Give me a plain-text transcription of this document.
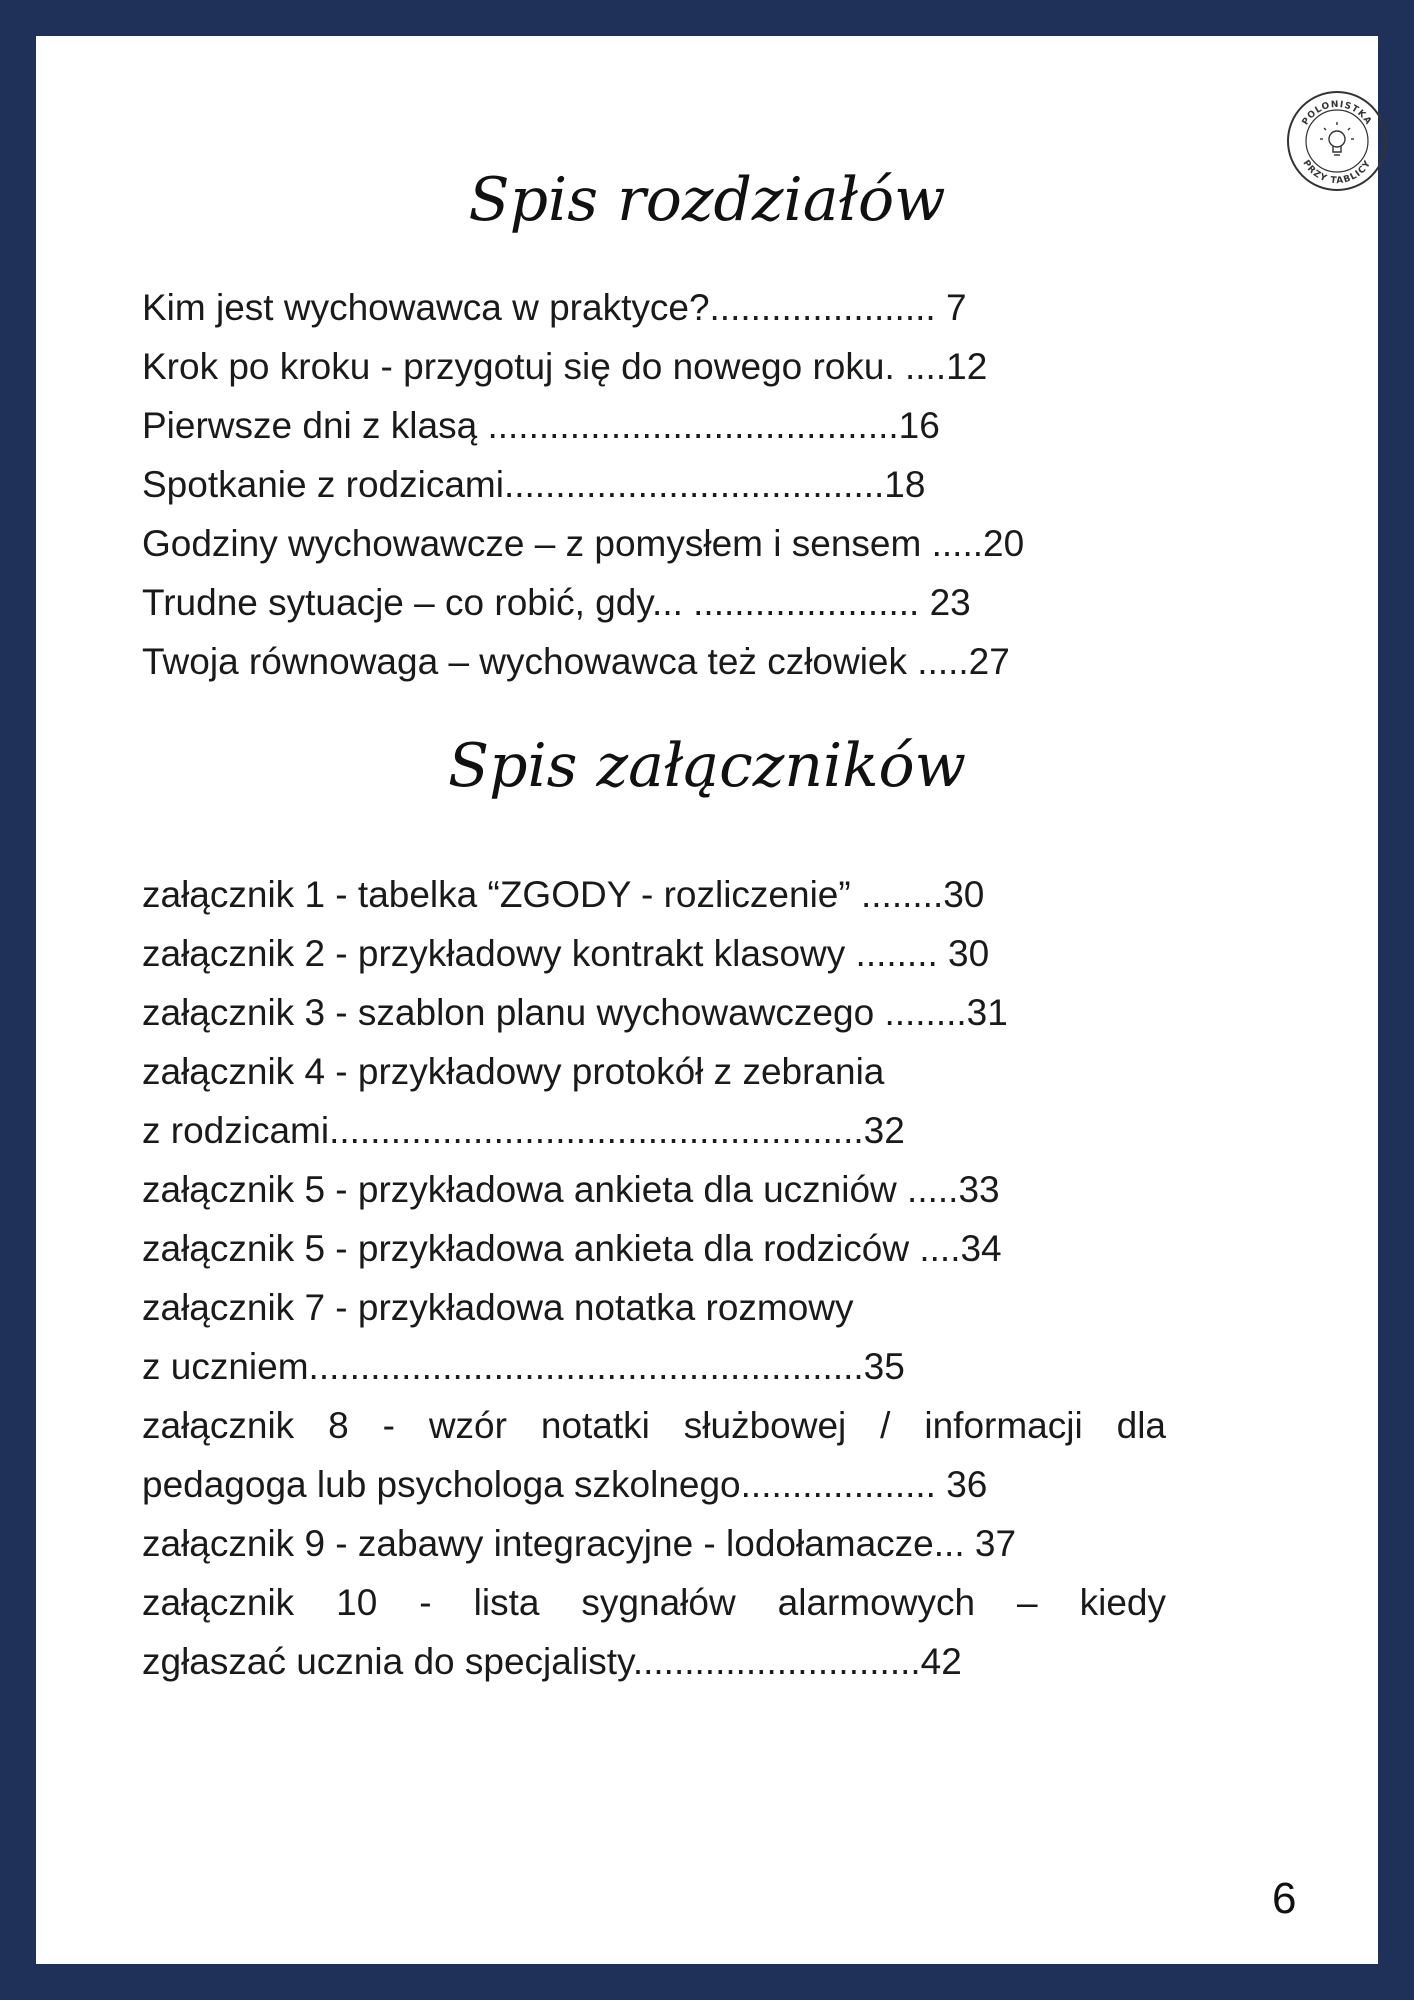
POLONISTKA
PRZY TABLICY
Spis rozdziałów
Kim jest wychowawca w praktyce?...................... 7
Krok po kroku - przygotuj się do nowego roku. ....12
Pierwsze dni z klasą ........................................16
Spotkanie z rodzicami.....................................18
Godziny wychowawcze – z pomysłem i sensem .....20
Trudne sytuacje – co robić, gdy... ...................... 23
Twoja równowaga – wychowawca też człowiek .....27
Spis załączników
załącznik 1 - tabelka “ZGODY - rozliczenie” ........30
załącznik 2 - przykładowy kontrakt klasowy ........ 30
załącznik 3 - szablon planu wychowawczego ........31
załącznik 4 - przykładowy protokół z zebrania
z rodzicami....................................................32
załącznik 5 - przykładowa ankieta dla uczniów .....33
załącznik 5 - przykładowa ankieta dla rodziców ....34
załącznik 7 - przykładowa notatka rozmowy
z uczniem......................................................35
załącznik 8 - wzór notatki służbowej / informacji dla
pedagoga lub psychologa szkolnego................... 36
załącznik 9 - zabawy integracyjne - lodołamacze... 37
załącznik 10 - lista sygnałów alarmowych – kiedy
zgłaszać ucznia do specjalisty............................42
6
